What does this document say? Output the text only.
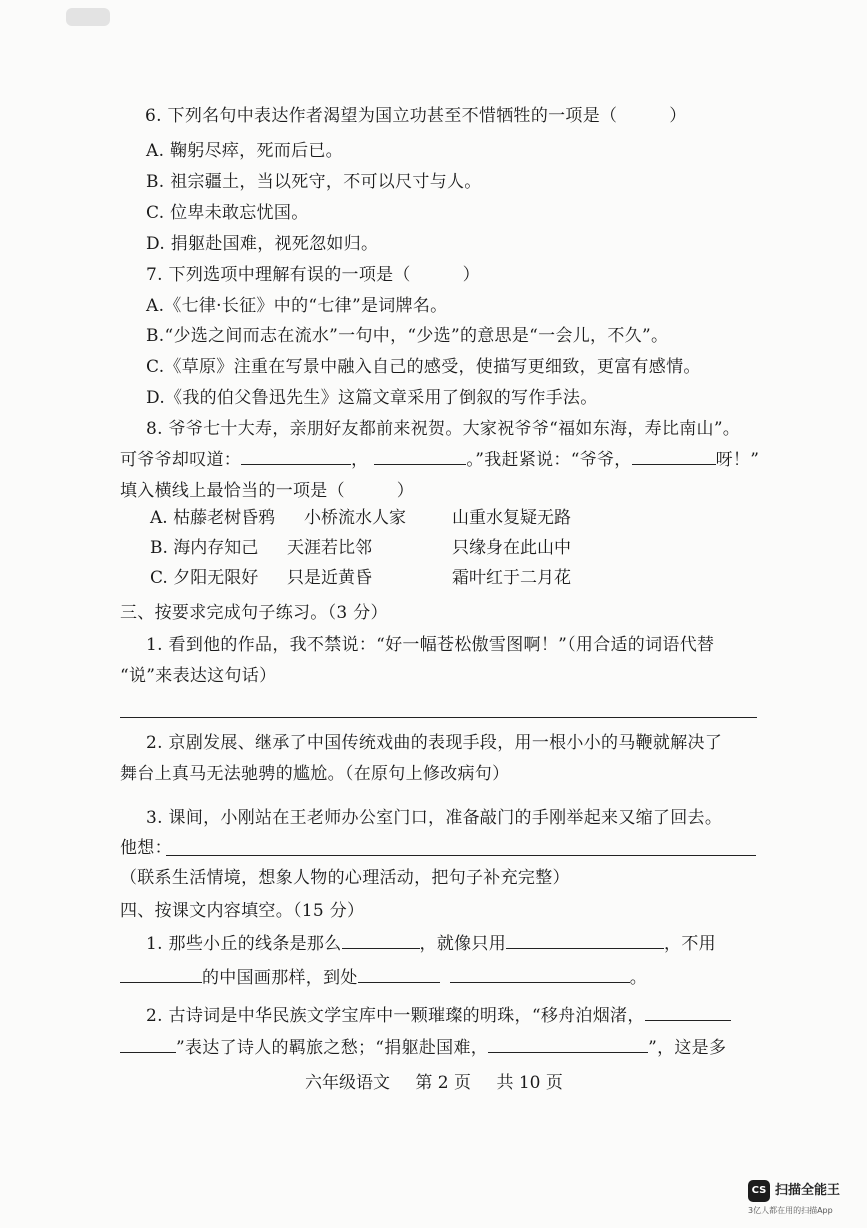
6. 下列名句中表达作者渴望为国立功甚至不惜牺牲的一项是（　　　）
A. 鞠躬尽瘁，死而后已。
B. 祖宗疆土，当以死守，不可以尺寸与人。
C. 位卑未敢忘忧国。
D. 捐躯赴国难，视死忽如归。
7. 下列选项中理解有误的一项是（　　　）
A.《七律·长征》中的“七律”是词牌名。
B.“少选之间而志在流水”一句中，“少选”的意思是“一会儿，不久”。
C.《草原》注重在写景中融入自己的感受，使描写更细致，更富有感情。
D.《我的伯父鲁迅先生》这篇文章采用了倒叙的写作手法。
8. 爷爷七十大寿，亲朋好友都前来祝贺。大家祝爷爷“福如东海，寿比南山”。
可爷爷却叹道：	，	。”我赶紧说：“爷爷，	呀！”
填入横线上最恰当的一项是（　　　）
A. 枯藤老树昏鸦 小桥流水人家	山重水复疑无路
B. 海内存知己 天涯若比邻	只缘身在此山中
C. 夕阳无限好 只是近黄昏	霜叶红于二月花
三、按要求完成句子练习。（3 分）
1. 看到他的作品，我不禁说：“好一幅苍松傲雪图啊！”（用合适的词语代替
“说”来表达这句话）
2. 京剧发展、继承了中国传统戏曲的表现手段，用一根小小的马鞭就解决了
舞台上真马无法驰骋的尴尬。（在原句上修改病句）
3. 课间，小刚站在王老师办公室门口，准备敲门的手刚举起来又缩了回去。
他想：
（联系生活情境，想象人物的心理活动，把句子补充完整）
四、按课文内容填空。（15 分）
1. 那些小丘的线条是那么	，就像只用	，不用
的中国画那样，到处	。
2. 古诗词是中华民族文学宝库中一颗璀璨的明珠，“移舟泊烟渚，
”表达了诗人的羁旅之愁；“捐躯赴国难，	”，这是多
六年级语文 第 2 页 共 10 页
CS 扫描全能王
3亿人都在用的扫描App
